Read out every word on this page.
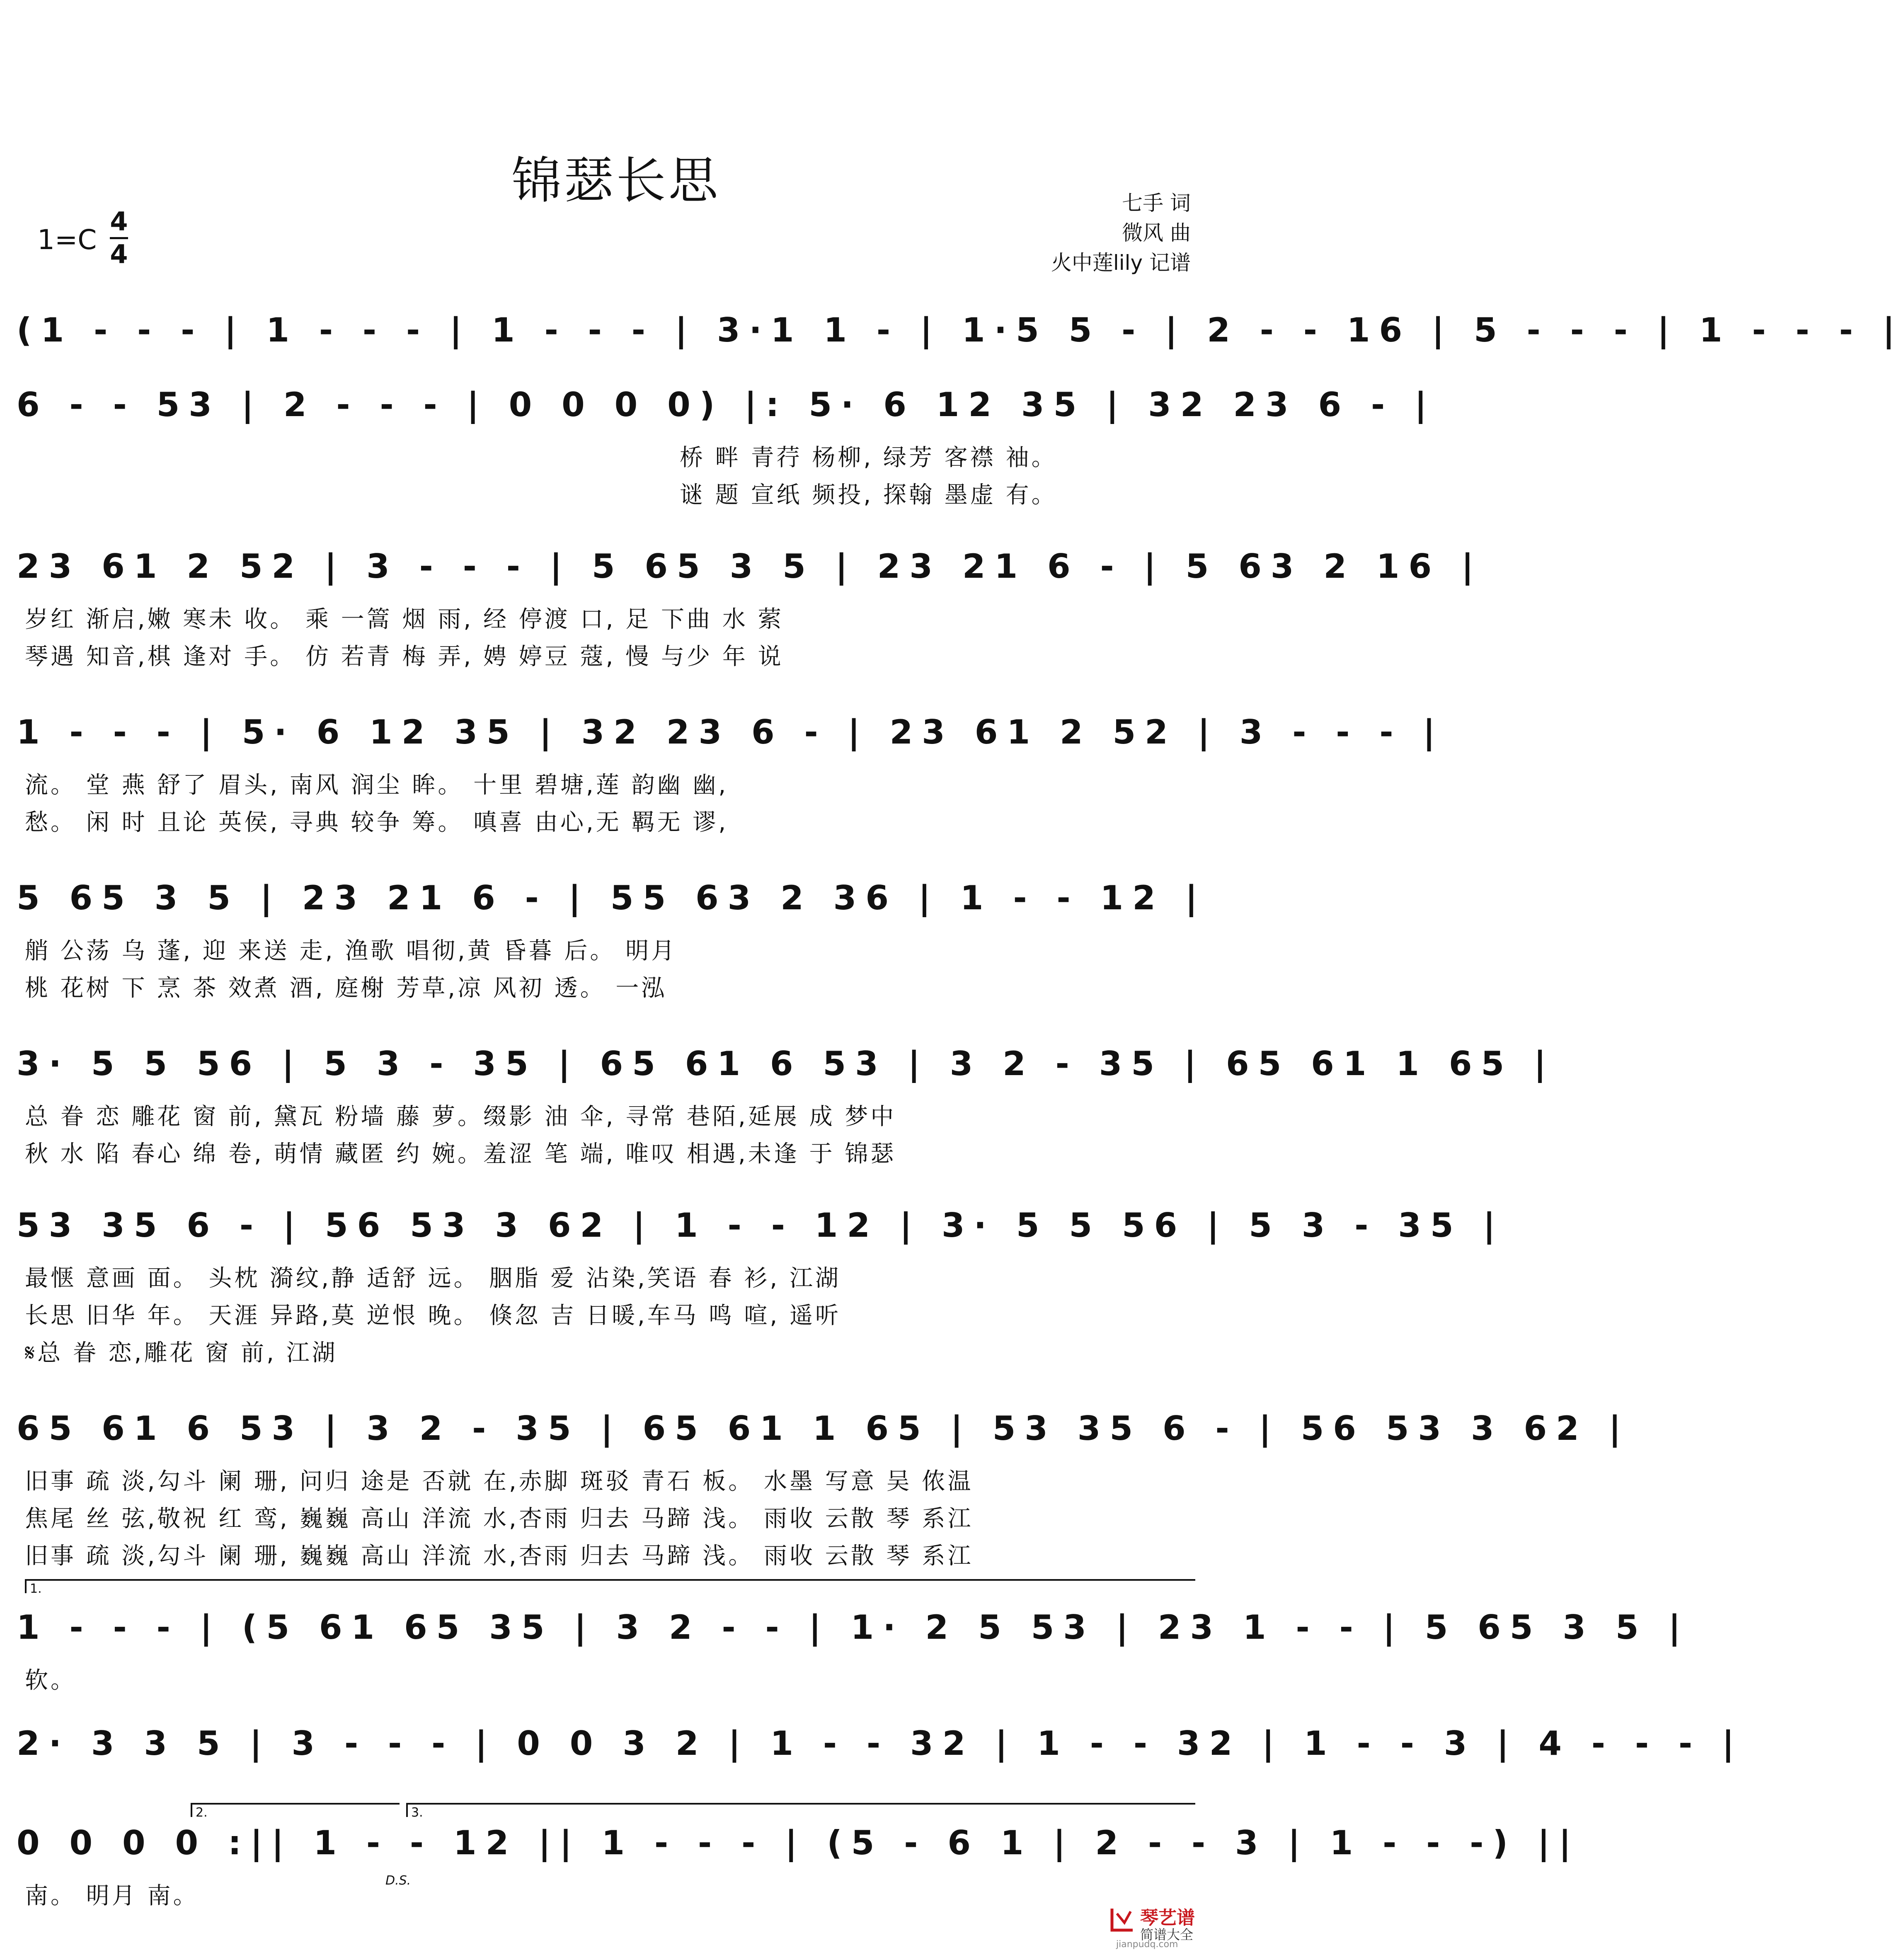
锦瑟长思
1=C
4
4
七手 词
微风 曲
火中莲lily 记谱
(1 - - - | 1 - - - | 1 - - - | 3·1 1 - | 1·5 5 - | 2 - - 16 | 5 - - - | 1 - - - |
6 - - 53 | 2 - - - | 0 0 0 0) |: 5· 6 12 35 | 32 23 6 - |
桥 畔 青荇 杨柳, 绿芳 客襟 袖。
谜 题 宣纸 频投, 探翰 墨虚 有。
23 61 2 52 | 3 - - - | 5 65 3 5 | 23 21 6 - | 5 63 2 16 |
岁红 渐启,嫩 寒未 收。 乘 一篙 烟 雨, 经 停渡 口, 足 下曲 水 萦
琴遇 知音,棋 逢对 手。 仿 若青 梅 弄, 娉 婷豆 蔻, 慢 与少 年 说
1 - - - | 5· 6 12 35 | 32 23 6 - | 23 61 2 52 | 3 - - - |
流。 堂 燕 舒了 眉头, 南风 润尘 眸。 十里 碧塘,莲 韵幽 幽,
愁。 闲 时 且论 英侯, 寻典 较争 筹。 嗔喜 由心,无 羁无 谬,
5 65 3 5 | 23 21 6 - | 55 63 2 36 | 1 - - 12 |
艄 公荡 乌 蓬, 迎 来送 走, 渔歌 唱彻,黄 昏暮 后。 明月
桃 花树 下 烹 茶 效煮 酒, 庭榭 芳草,凉 风初 透。 一泓
3· 5 5 56 | 5 3 - 35 | 65 61 6 53 | 3 2 - 35 | 65 61 1 65 |
总 眷 恋 雕花 窗 前, 黛瓦 粉墙 藤 萝。缀影 油 伞, 寻常 巷陌,延展 成 梦中
秋 水 陷 春心 绵 卷, 萌情 藏匿 约 婉。羞涩 笔 端, 唯叹 相遇,未逢 于 锦瑟
53 35 6 - | 56 53 3 62 | 1 - - 12 | 3· 5 5 56 | 5 3 - 35 |
最惬 意画 面。 头枕 漪纹,静 适舒 远。 胭脂 爱 沾染,笑语 春 衫, 江湖
长思 旧华 年。 天涯 异路,莫 逆恨 晚。 倏忽 吉 日暖,车马 鸣 喧, 遥听
𝄋总 眷 恋,雕花 窗 前, 江湖
65 61 6 53 | 3 2 - 35 | 65 61 1 65 | 53 35 6 - | 56 53 3 62 |
旧事 疏 淡,勾斗 阑 珊, 问归 途是 否就 在,赤脚 斑驳 青石 板。 水墨 写意 吴 侬温
焦尾 丝 弦,敬祝 红 鸾, 巍巍 高山 洋流 水,杏雨 归去 马蹄 浅。 雨收 云散 琴 系江
旧事 疏 淡,勾斗 阑 珊, 巍巍 高山 洋流 水,杏雨 归去 马蹄 浅。 雨收 云散 琴 系江
1.
1 - - - | (5 61 65 35 | 3 2 - - | 1· 2 5 53 | 23 1 - - | 5 65 3 5 |
软。
2· 3 3 5 | 3 - - - | 0 0 3 2 | 1 - - 32 | 1 - - 32 | 1 - - 3 | 4 - - - |
2.	3.
0 0 0 0 :|| 1 - - 12 || 1 - - - | (5 - 6 1 | 2 - - 3 | 1 - - -) ||
南。 明月 南。
D.S.
琴艺谱
简谱大全
jianpudq.com
